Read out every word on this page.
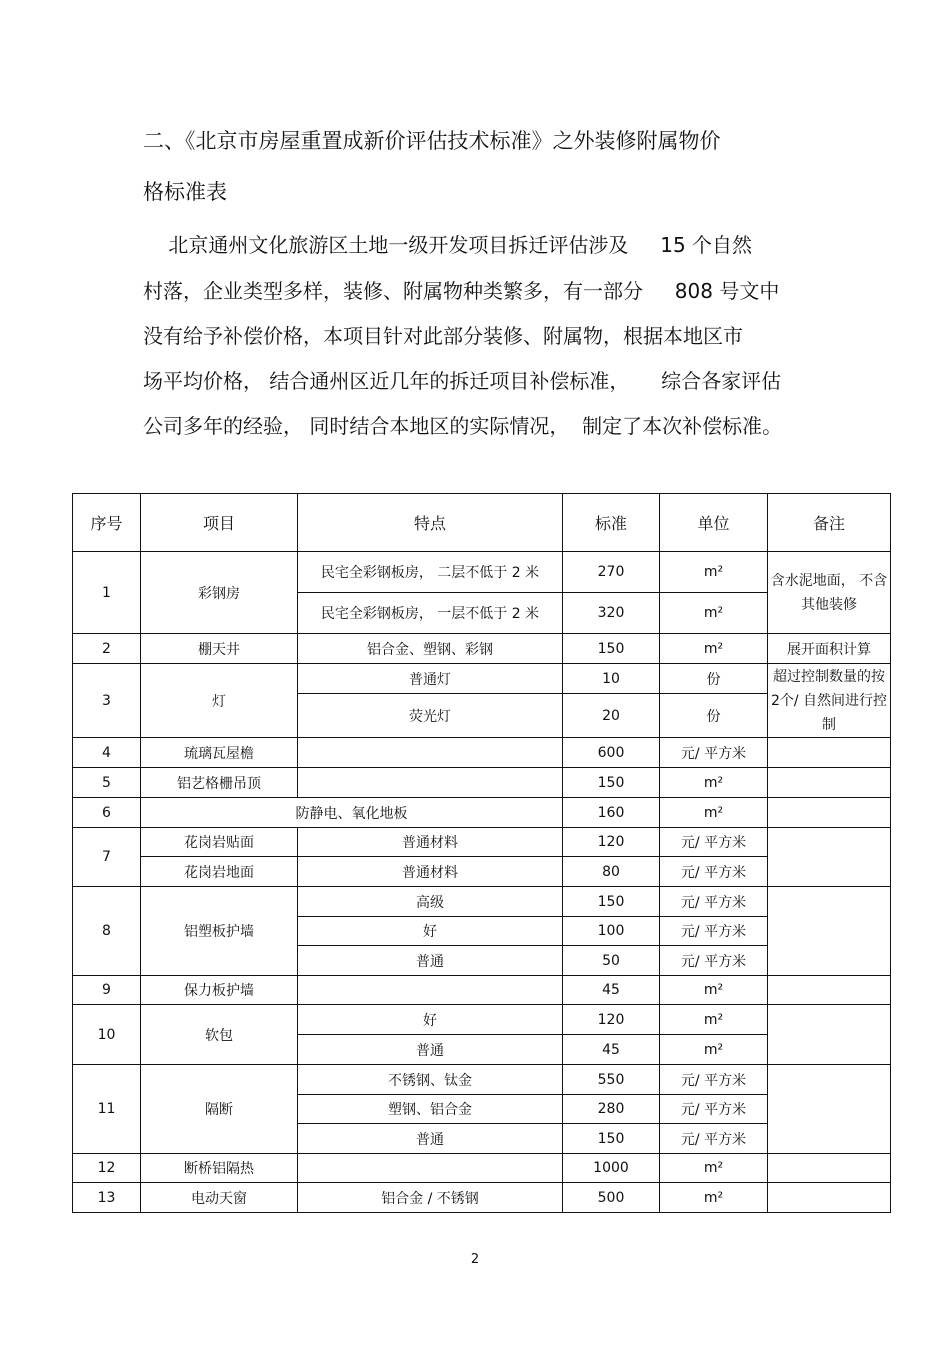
二、《北京市房屋重置成新价评估技术标准》之外装修附属物价
格标准表
北京通州文化旅游区土地一级开发项目拆迁评估涉及     15 个自然
村落，企业类型多样，装修、附属物种类繁多，有一部分     808 号文中
没有给予补偿价格，本项目针对此部分装修、附属物，根据本地区市
场平均价格， 结合通州区近几年的拆迁项目补偿标准，     综合各家评估
公司多年的经验， 同时结合本地区的实际情况，  制定了本次补偿标准。
序号	项目	特点	标准	单位	备注
1	彩钢房	民宅全彩钢板房， 二层不低于 2 米	270	m²	含水泥地面， 不含其他装修
		民宅全彩钢板房， 一层不低于 2 米	320	m²	
2	棚天井	铝合金、塑钢、彩钢	150	m²	展开面积计算
3	灯	普通灯	10	份	超过控制数量的按 2个/ 自然间进行控制
		荧光灯	20	份	
4	琉璃瓦屋檐		600	元/ 平方米	
5	铝艺格栅吊顶		150	m²	
6	防静电、氧化地板		160	m²	
7	花岗岩贴面	普通材料	120	元/ 平方米	
	花岗岩地面	普通材料	80	元/ 平方米	
8	铝塑板护墙	高级	150	元/ 平方米	
		好	100	元/ 平方米	
		普通	50	元/ 平方米	
9	保力板护墙		45	m²	
10	软包	好	120	m²	
		普通	45	m²	
11	隔断	不锈钢、钛金	550	元/ 平方米	
		塑钢、铝合金	280	元/ 平方米	
		普通	150	元/ 平方米	
12	断桥铝隔热		1000	m²	
13	电动天窗	铝合金 / 不锈钢	500	m²	
2
